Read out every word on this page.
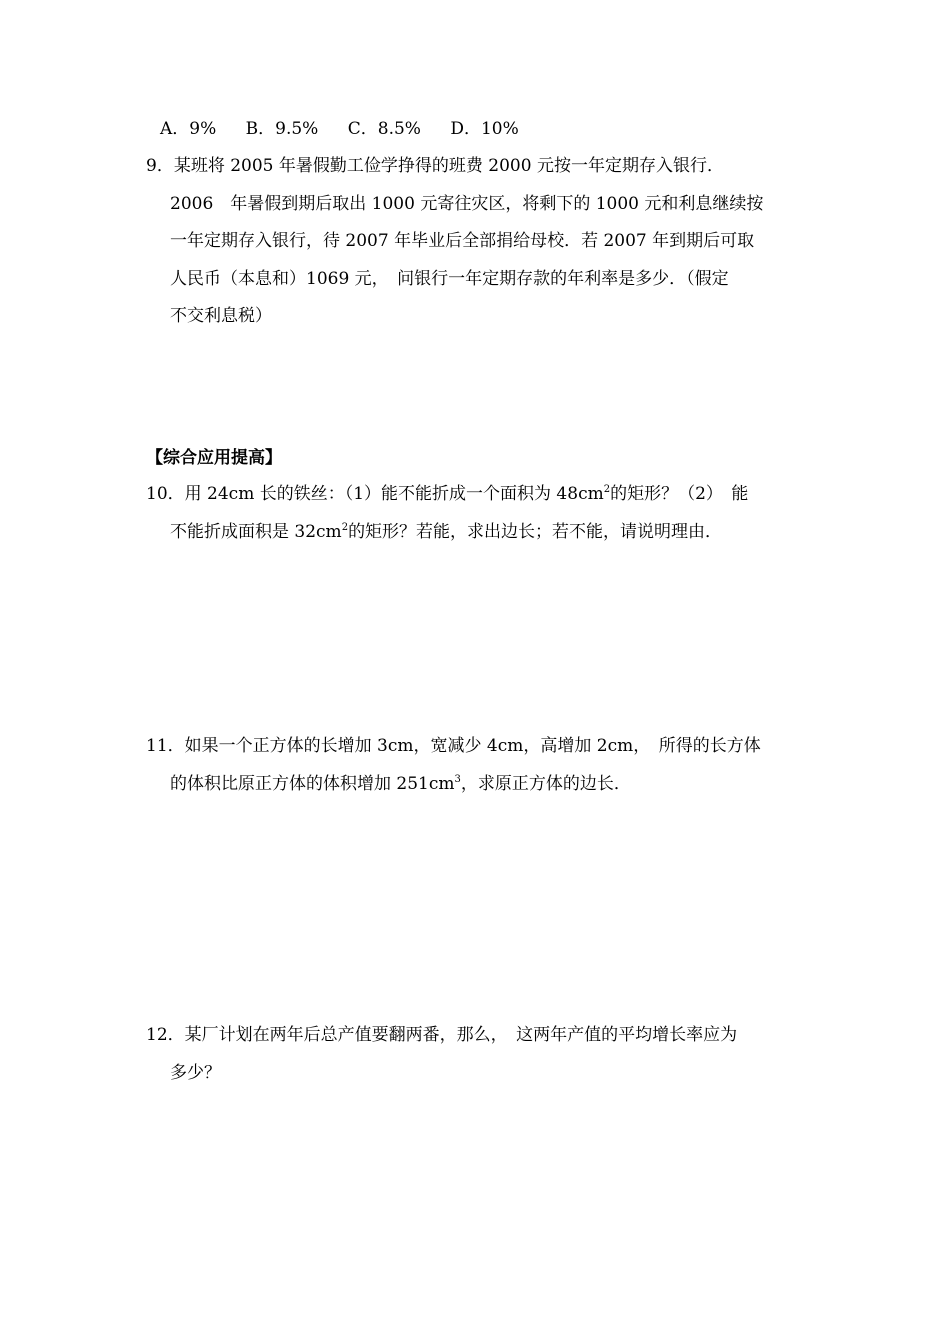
A．9% B．9.5% C．8.5% D．10%
9．某班将 2005 年暑假勤工俭学挣得的班费 2000 元按一年定期存入银行．
2006　年暑假到期后取出 1000 元寄往灾区，将剩下的 1000 元和利息继续按
一年定期存入银行，待 2007 年毕业后全部捐给母校．若 2007 年到期后可取
人民币（本息和）1069 元，　问银行一年定期存款的年利率是多少．（假定
不交利息税）
【综合应用提高】
10．用 24cm 长的铁丝：（1）能不能折成一个面积为 $48cm^2$的矩形？（2）　能
不能折成面积是 $32cm^2$的矩形？若能，求出边长；若不能，请说明理由．
11．如果一个正方体的长增加 3cm，宽减少 4cm，高增加 2cm，　所得的长方体
的体积比原正方体的体积增加 $251cm^3$，求原正方体的边长．
12．某厂计划在两年后总产值要翻两番，那么，　这两年产值的平均增长率应为
多少？
